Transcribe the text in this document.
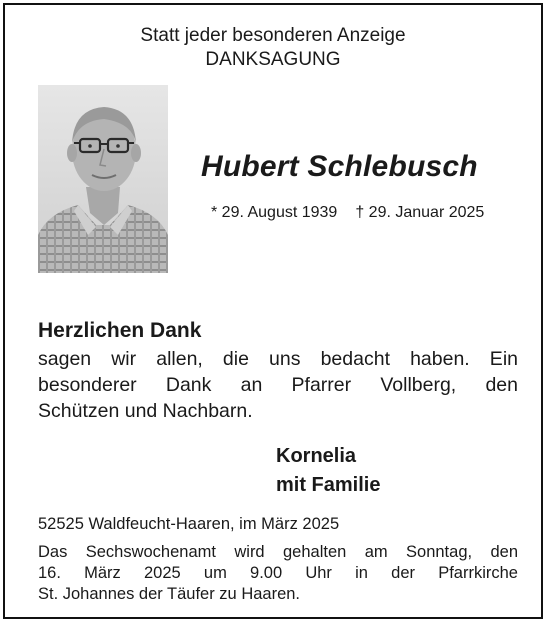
Statt jeder besonderen Anzeige
DANKSAGUNG
Hubert Schlebusch
* 29. August 1939 † 29. Januar 2025
Herzlichen Dank
sagen wir allen, die uns bedacht haben. Ein
besonderer Dank an Pfarrer Vollberg, den
Schützen und Nachbarn.
Kornelia
mit Familie
52525 Waldfeucht-Haaren, im März 2025
Das Sechswochenamt wird gehalten am Sonntag, den
16. März 2025 um 9.00 Uhr in der Pfarrkirche
St. Johannes der Täufer zu Haaren.
